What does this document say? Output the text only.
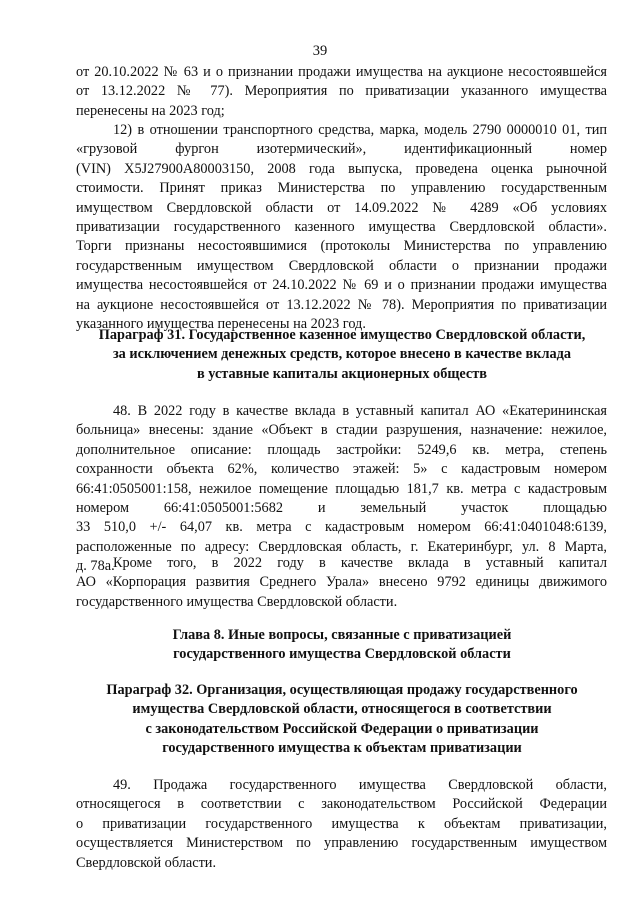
39
от 20.10.2022 № 63 и о признании продажи имущества на аукционе несостоявшейся
от 13.12.2022 № 77). Мероприятия по приватизации указанного имущества
перенесены на 2023 год;
12) в отношении транспортного средства, марка, модель 2790 0000010 01, тип
«грузовой фургон изотермический», идентификационный номер
(VIN) X5J27900A80003150, 2008 года выпуска, проведена оценка рыночной
стоимости. Принят приказ Министерства по управлению государственным
имуществом Свердловской области от 14.09.2022 № 4289 «Об условиях
приватизации государственного казенного имущества Свердловской области».
Торги признаны несостоявшимися (протоколы Министерства по управлению
государственным имуществом Свердловской области о признании продажи
имущества несостоявшейся от 24.10.2022 № 69 и о признании продажи имущества
на аукционе несостоявшейся от 13.12.2022 № 78). Мероприятия по приватизации
указанного имущества перенесены на 2023 год.
Параграф 31. Государственное казенное имущество Свердловской области,
за исключением денежных средств, которое внесено в качестве вклада
в уставные капиталы акционерных обществ
48. В 2022 году в качестве вклада в уставный капитал АО «Екатерининская
больница» внесены: здание «Объект в стадии разрушения, назначение: нежилое,
дополнительное описание: площадь застройки: 5249,6 кв. метра, степень
сохранности объекта 62%, количество этажей: 5» с кадастровым номером
66:41:0505001:158, нежилое помещение площадью 181,7 кв. метра с кадастровым
номером 66:41:0505001:5682 и земельный участок площадью
33 510,0 +/- 64,07 кв. метра с кадастровым номером 66:41:0401048:6139,
расположенные по адресу: Свердловская область, г. Екатеринбург, ул. 8 Марта,
д. 78а.
Кроме того, в 2022 году в качестве вклада в уставный капитал
АО «Корпорация развития Среднего Урала» внесено 9792 единицы движимого
государственного имущества Свердловской области.
Глава 8. Иные вопросы, связанные с приватизацией
государственного имущества Свердловской области
Параграф 32. Организация, осуществляющая продажу государственного
имущества Свердловской области, относящегося в соответствии
с законодательством Российской Федерации о приватизации
государственного имущества к объектам приватизации
49. Продажа государственного имущества Свердловской области,
относящегося в соответствии с законодательством Российской Федерации
о приватизации государственного имущества к объектам приватизации,
осуществляется Министерством по управлению государственным имуществом
Свердловской области.
